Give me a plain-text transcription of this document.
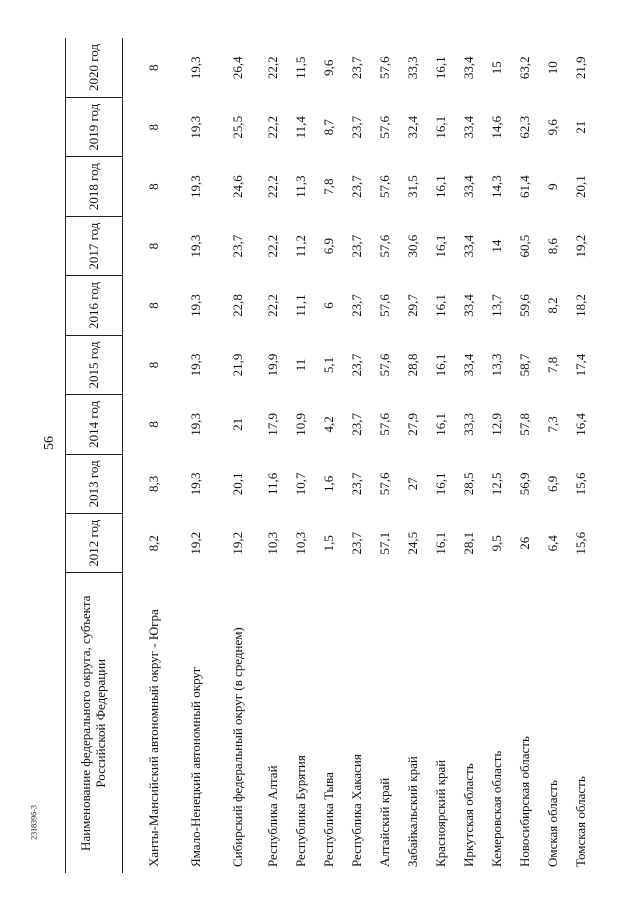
56
2318396-3	Наименование федерального округа, субъекта Российской Федерации	2012 год	2013 год	2014 год	2015 год	2016 год	2017 год	2018 год	2019 год	2020 год

Ханты-Мансийский автономный округ - Югра	8,2	8,3	8	8	8	8	8	8	8
Ямало-Ненецкий автономный округ	19,2	19,3	19,3	19,3	19,3	19,3	19,3	19,3	19,3
Сибирский федеральный округ (в среднем)	19,2	20,1	21	21,9	22,8	23,7	24,6	25,5	26,4
Республика Алтай	10,3	11,6	17,9	19,9	22,2	22,2	22,2	22,2	22,2
Республика Бурятия	10,3	10,7	10,9	11	11,1	11,2	11,3	11,4	11,5
Республика Тыва	1,5	1,6	4,2	5,1	6	6,9	7,8	8,7	9,6
Республика Хакасия	23,7	23,7	23,7	23,7	23,7	23,7	23,7	23,7	23,7
Алтайский край	57,1	57,6	57,6	57,6	57,6	57,6	57,6	57,6	57,6
Забайкальский край	24,5	27	27,9	28,8	29,7	30,6	31,5	32,4	33,3
Красноярский край	16,1	16,1	16,1	16,1	16,1	16,1	16,1	16,1	16,1
Иркутская область	28,1	28,5	33,3	33,4	33,4	33,4	33,4	33,4	33,4
Кемеровская область	9,5	12,5	12,9	13,3	13,7	14	14,3	14,6	15
Новосибирская область	26	56,9	57,8	58,7	59,6	60,5	61,4	62,3	63,2
Омская область	6,4	6,9	7,3	7,8	8,2	8,6	9	9,6	10
Томская область	15,6	15,6	16,4	17,4	18,2	19,2	20,1	21	21,9
